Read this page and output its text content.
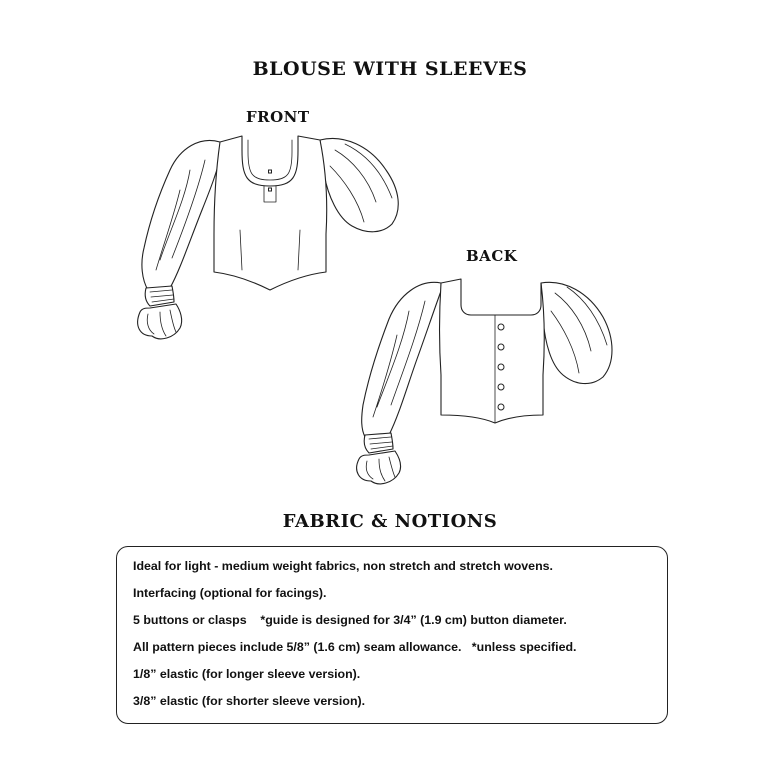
BLOUSE WITH SLEEVES
FRONT
BACK
FABRIC & NOTIONS
Ideal for light - medium weight fabrics, non stretch and stretch wovens.
Interfacing (optional for facings).
5 buttons or clasps    *guide is designed for 3/4” (1.9 cm) button diameter.
All pattern pieces include 5/8” (1.6 cm) seam allowance.   *unless specified.
1/8” elastic (for longer sleeve version).
3/8” elastic (for shorter sleeve version).
